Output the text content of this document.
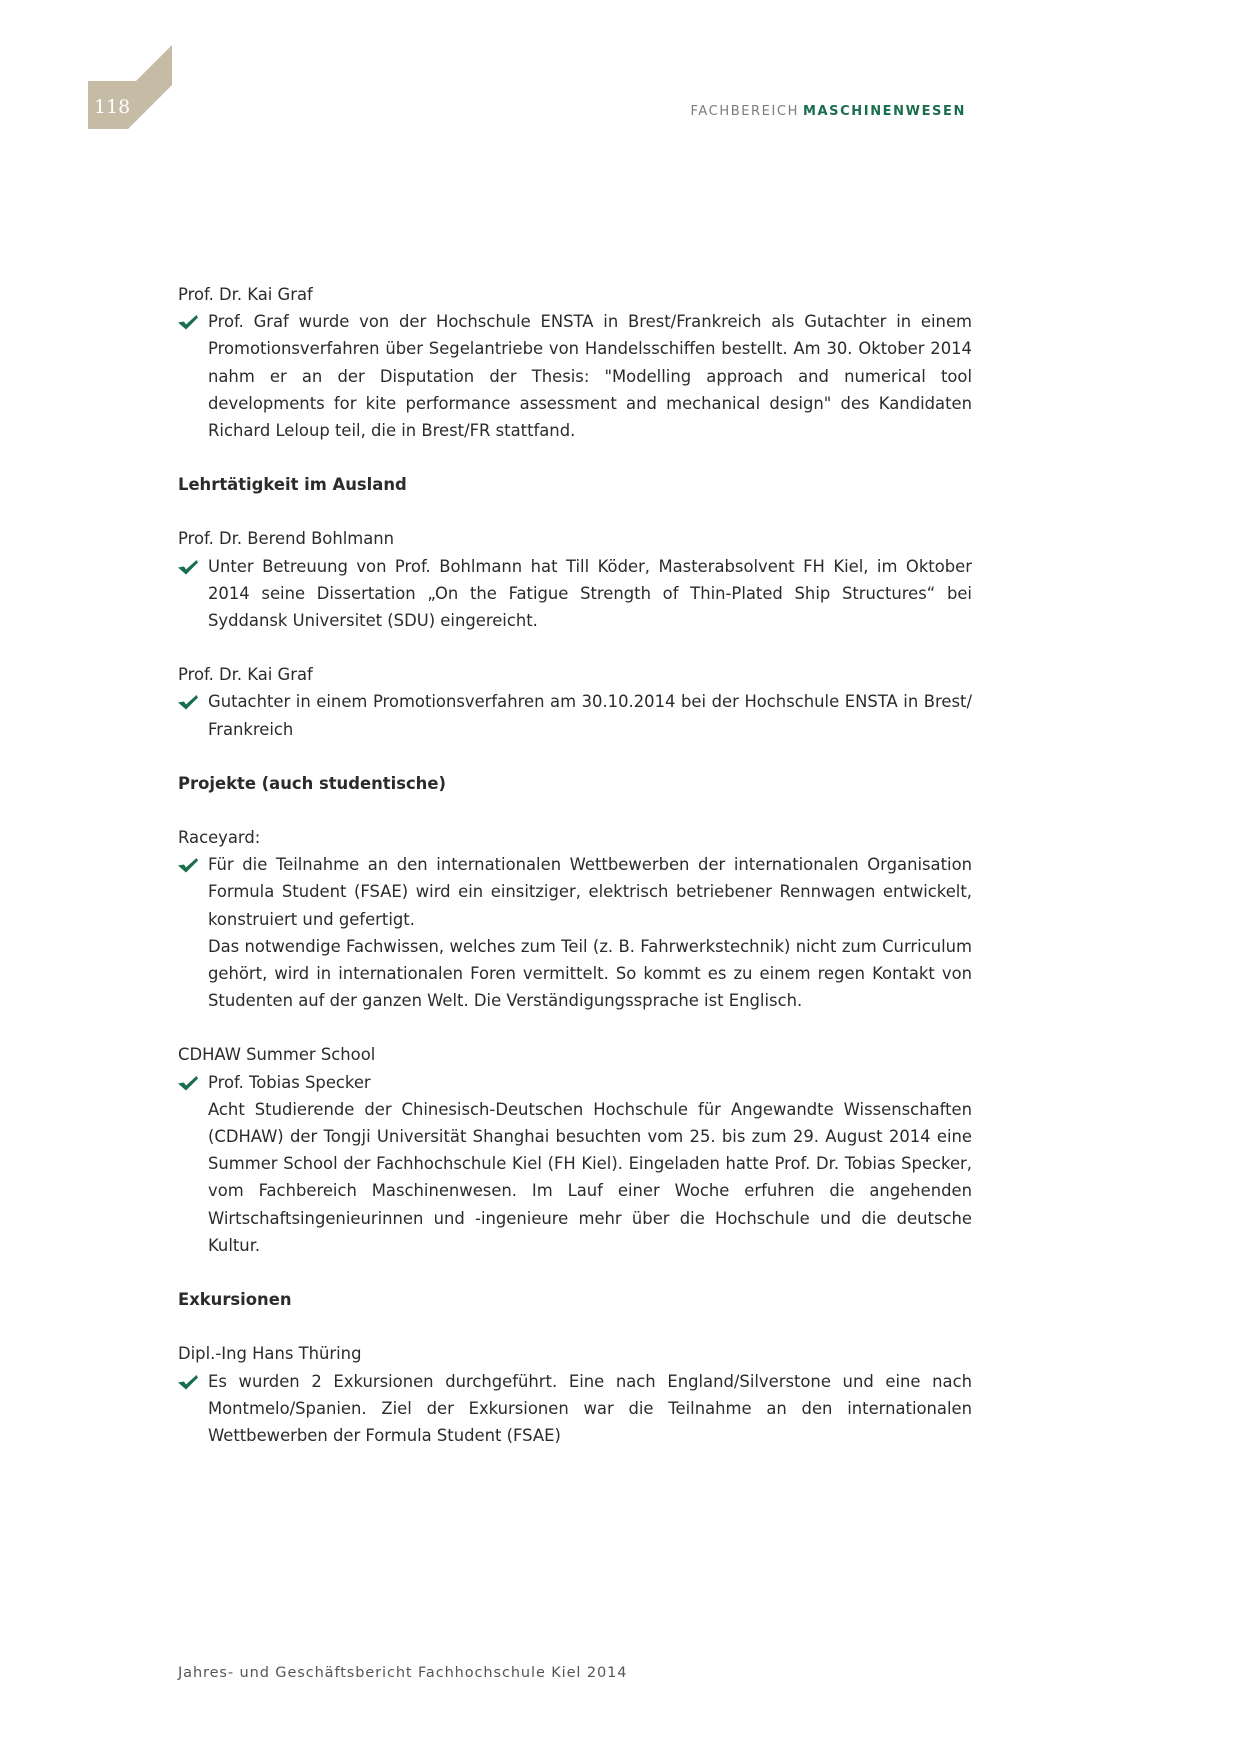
118	FACHBEREICH MASCHINENWESEN

Prof. Dr. Kai Graf

Prof. Graf wurde von der Hochschule ENSTA in Brest/Frankreich als Gutachter in einem Promotionsverfahren über Segelantriebe von Handelsschiffen bestellt. Am 30. Oktober 2014 nahm er an der Disputation der Thesis: "Modelling approach and numerical tool developments for kite performance assessment and mechanical design" des Kandidaten Richard Leloup teil, die in Brest/FR stattfand.

Lehrtätigkeit im Ausland

Prof. Dr. Berend Bohlmann

Unter Betreuung von Prof. Bohlmann hat Till Köder, Masterabsolvent FH Kiel, im Oktober 2014 seine Dissertation „On the Fatigue Strength of Thin-Plated Ship Structures“ bei Syddansk Universitet (SDU) eingereicht.

Prof. Dr. Kai Graf

Gutachter in einem Promotionsverfahren am 30.10.2014 bei der Hochschule ENSTA in Brest/ Frankreich

Projekte (auch studentische)

Raceyard:

Für die Teilnahme an den internationalen Wettbewerben der internationalen Organisation Formula Student (FSAE) wird ein einsitziger, elektrisch betriebener Rennwagen entwickelt, konstruiert und gefertigt.

Das notwendige Fachwissen, welches zum Teil (z. B. Fahrwerkstechnik) nicht zum Curriculum gehört, wird in internationalen Foren vermittelt. So kommt es zu einem regen Kontakt von Studenten auf der ganzen Welt. Die Verständigungssprache ist Englisch.

CDHAW Summer School

Prof. Tobias Specker

Acht Studierende der Chinesisch-Deutschen Hochschule für Angewandte Wissenschaften (CDHAW) der Tongji Universität Shanghai besuchten vom 25. bis zum 29. August 2014 eine Summer School der Fachhochschule Kiel (FH Kiel). Eingeladen hatte Prof. Dr. Tobias Specker, vom Fachbereich Maschinenwesen. Im Lauf einer Woche erfuhren die angehenden Wirtschaftsingenieurinnen und -ingenieure mehr über die Hochschule und die deutsche Kultur.

Exkursionen

Dipl.-Ing Hans Thüring

Es wurden 2 Exkursionen durchgeführt. Eine nach England/Silverstone und eine nach Montmelo/Spanien. Ziel der Exkursionen war die Teilnahme an den internationalen Wettbewerben der Formula Student (FSAE)

Jahres- und Geschäftsbericht Fachhochschule Kiel 2014
